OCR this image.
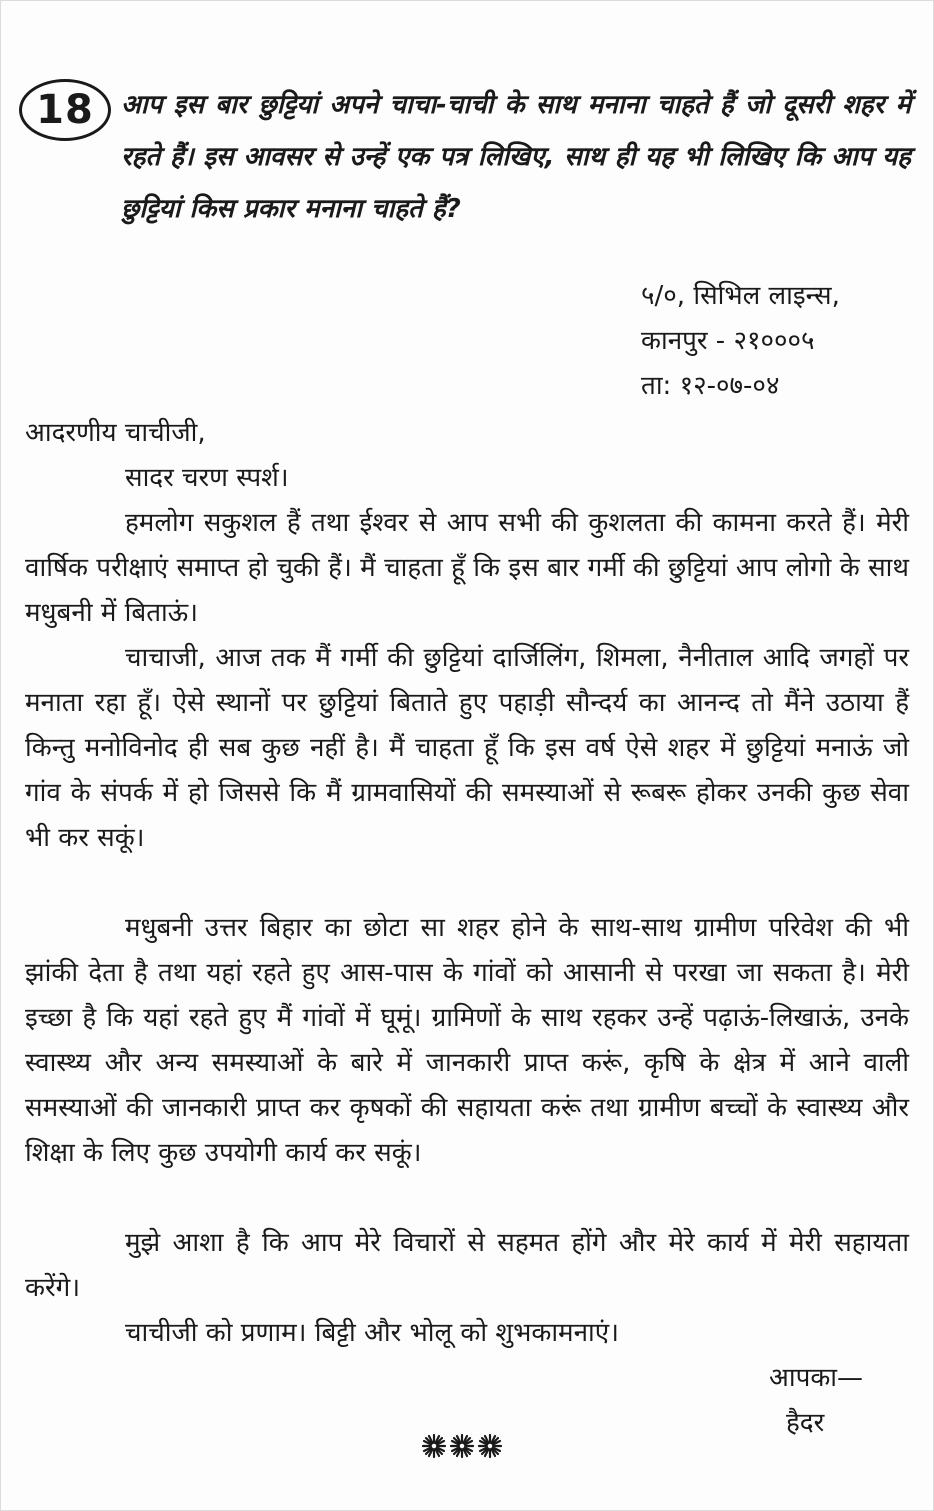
18 आप इस बार छुट्टियां अपने चाचा-चाची के साथ मनाना चाहते हैं जो दूसरी शहर में रहते हैं। इस आवसर से उन्हें एक पत्र लिखिए, साथ ही यह भी लिखिए कि आप यह छुट्टियां किस प्रकार मनाना चाहते हैं?
५/०, सिभिल लाइन्स,
कानपुर - २१०००५
ता: १२-०७-०४
आदरणीय चाचीजी,
सादर चरण स्पर्श।
हमलोग सकुशल हैं तथा ईश्वर से आप सभी की कुशलता की कामना करते हैं। मेरी वार्षिक परीक्षाएं समाप्त हो चुकी हैं। मैं चाहता हूँ कि इस बार गर्मी की छुट्टियां आप लोगो के साथ मधुबनी में बिताऊं।
चाचाजी, आज तक मैं गर्मी की छुट्टियां दार्जिलिंग, शिमला, नैनीताल आदि जगहों पर मनाता रहा हूँ। ऐसे स्थानों पर छुट्टियां बिताते हुए पहाड़ी सौन्दर्य का आनन्द तो मैंने उठाया हैं किन्तु मनोविनोद ही सब कुछ नहीं है। मैं चाहता हूँ कि इस वर्ष ऐसे शहर में छुट्टियां मनाऊं जो गांव के संपर्क में हो जिससे कि मैं ग्रामवासियों की समस्याओं से रूबरू होकर उनकी कुछ सेवा भी कर सकूं।
मधुबनी उत्तर बिहार का छोटा सा शहर होने के साथ-साथ ग्रामीण परिवेश की भी झांकी देता है तथा यहां रहते हुए आस-पास के गांवों को आसानी से परखा जा सकता है। मेरी इच्छा है कि यहां रहते हुए मैं गांवों में घूमूं। ग्रामिणों के साथ रहकर उन्हें पढ़ाऊं-लिखाऊं, उनके स्वास्थ्य और अन्य समस्याओं के बारे में जानकारी प्राप्त करूं, कृषि के क्षेत्र में आने वाली समस्याओं की जानकारी प्राप्त कर कृषकों की सहायता करूं तथा ग्रामीण बच्चों के स्वास्थ्य और शिक्षा के लिए कुछ उपयोगी कार्य कर सकूं।
मुझे आशा है कि आप मेरे विचारों से सहमत होंगे और मेरे कार्य में मेरी सहायता करेंगे।
चाचीजी को प्रणाम। बिट्टी और भोलू को शुभकामनाएं।
आपका—
हैदर
